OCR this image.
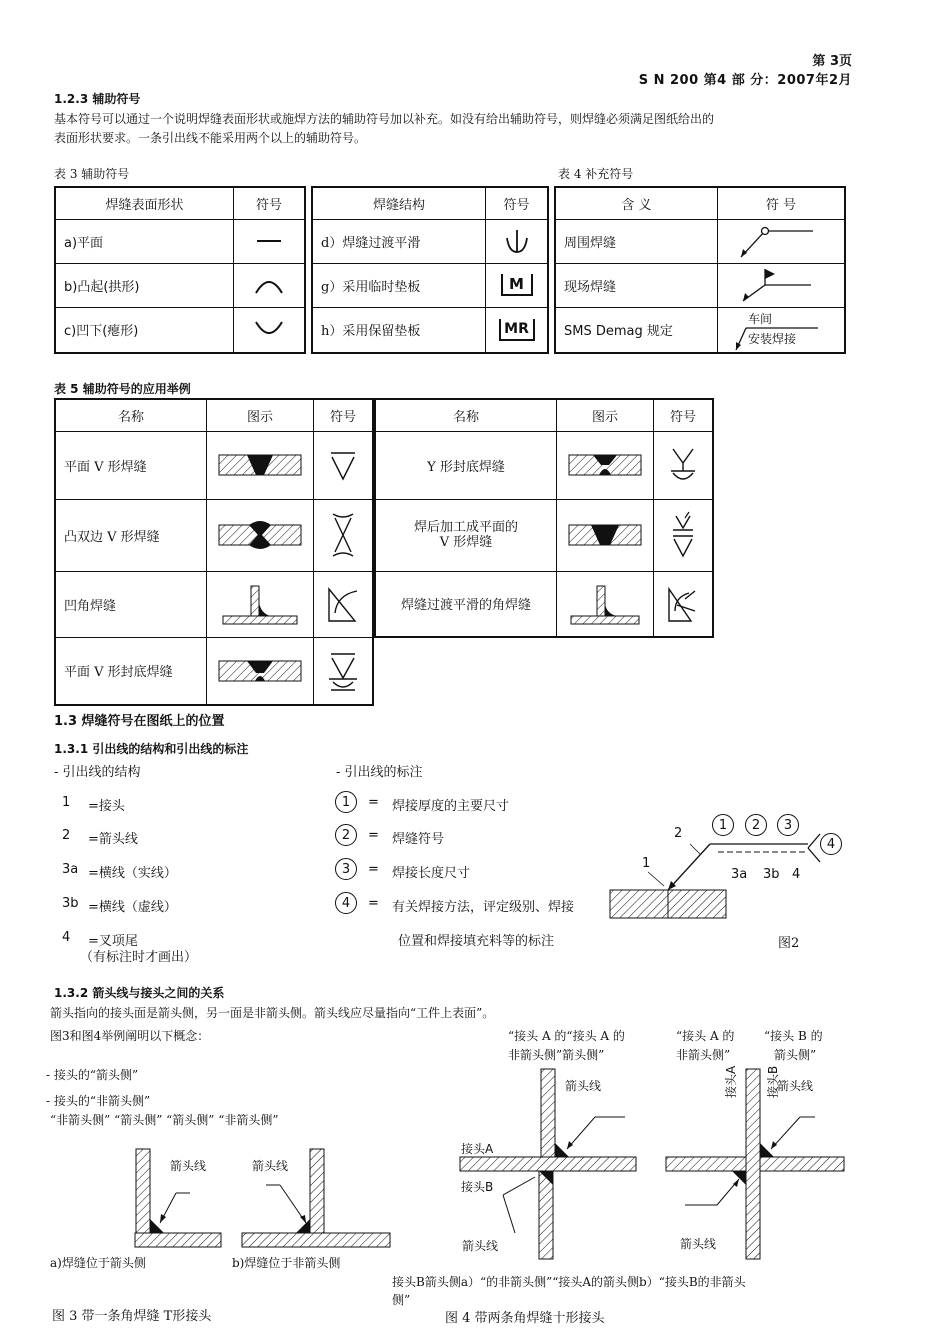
第 3页
S N 200 第4 部 分：2007年2月
1.2.3 辅助符号
基本符号可以通过一个说明焊缝表面形状或施焊方法的辅助符号加以补充。如没有给出辅助符号，则焊缝必须满足图纸给出的
表面形状要求。一条引出线不能采用两个以上的辅助符号。
表 3 辅助符号	表 4 补充符号
焊缝表面形状	符号
a)平面	

b)凸起(拱形)	

c)凹下(瘪形)	
焊缝结构	符号
d）焊缝过渡平滑	

g）采用临时垫板	M
h）采用保留垫板	MR
含 义	符 号
周围焊缝	

现场焊缝	

SMS Demag 规定	车间
安装焊接
表 5 辅助符号的应用举例
名称	图示	符号
平面 V 形焊缝	

凸双边 V 形焊缝	

凹角焊缝	

平面 V 形封底焊缝	

名称	图示	符号
Y 形封底焊缝	

焊后加工成平面的
V 形焊缝

焊缝过渡平滑的角焊缝	

1.3 焊缝符号在图纸上的位置
1.3.1 引出线的结构和引出线的标注
- 引出线的结构	- 引出线的标注
1 =接头
2 =箭头线
3a =横线（实线）
3b =横线（虚线）
4 =叉项尾
（有标注时才画出）
1	= 焊接厚度的主要尺寸
2	= 焊缝符号
3	= 焊接长度尺寸
4	= 有关焊接方法，评定级别、焊接
位置和焊接填充料等的标注
1	2	3
4
2
1
3a 3b 4
图2
1.3.2 箭头线与接头之间的关系
箭头指向的接头面是箭头侧，另一面是非箭头侧。箭头线应尽量指向“工件上表面”。
图3和图4举例阐明以下概念：
- 接头的“箭头侧”
- 接头的“非箭头侧”
“非箭头侧” “箭头侧” “箭头侧” “非箭头侧”
“接头 A 的“接头 A 的
非箭头侧”箭头侧”
“接头 A 的
非箭头侧”
“接头 B 的
箭头侧”
箭头线	箭头线
a)焊缝位于箭头侧	b)焊缝位于非箭头侧
图 3 带一条角焊缝 T形接头
箭头线
接头A
接头B
箭头线
接头A 接头B
箭头线
箭头线
接头B箭头侧a）“的非箭头侧”“接头A的箭头侧b）“接头B的非箭头
侧”
图 4 带两条角焊缝十形接头
